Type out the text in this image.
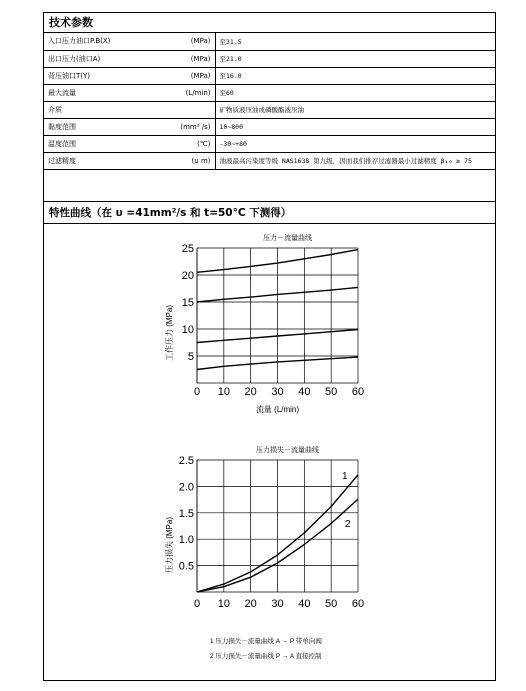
技术参数
入口压力油口P.B(X)	(MPa)	至31.5
出口压力(油口A)	(MPa)	至21.0
背压油口T(Y)	(MPa)	至16.0
最大流量	(L/min)	至60
介质		矿物质液压油或磷酸酯液压油
黏度范围	(mm² /s)	10~800
温度范围	(℃)	-30~+80
过滤精度	(u m)	油液最高污染度等级 NAS1638 第九级，因而我们推荐过滤器最小过滤精度 β₁₀ ≥ 75
特性曲线（在 υ =41mm²/s 和 t=50°C 下测得）
压力－流量曲线
0 10 20 30 40 50 60
5
10
15
20
25
流量 (L/min)
工作压力 (MPa)
压力损失－流量曲线
0 10 20 30 40 50 60
0.5
1.0
1.5
2.0
2.5
压力损失 (MPa)
1
2
1 压力损失－流量曲线 A → P 带单向阀
2 压力损失－流量曲线 P → A 直接控制
